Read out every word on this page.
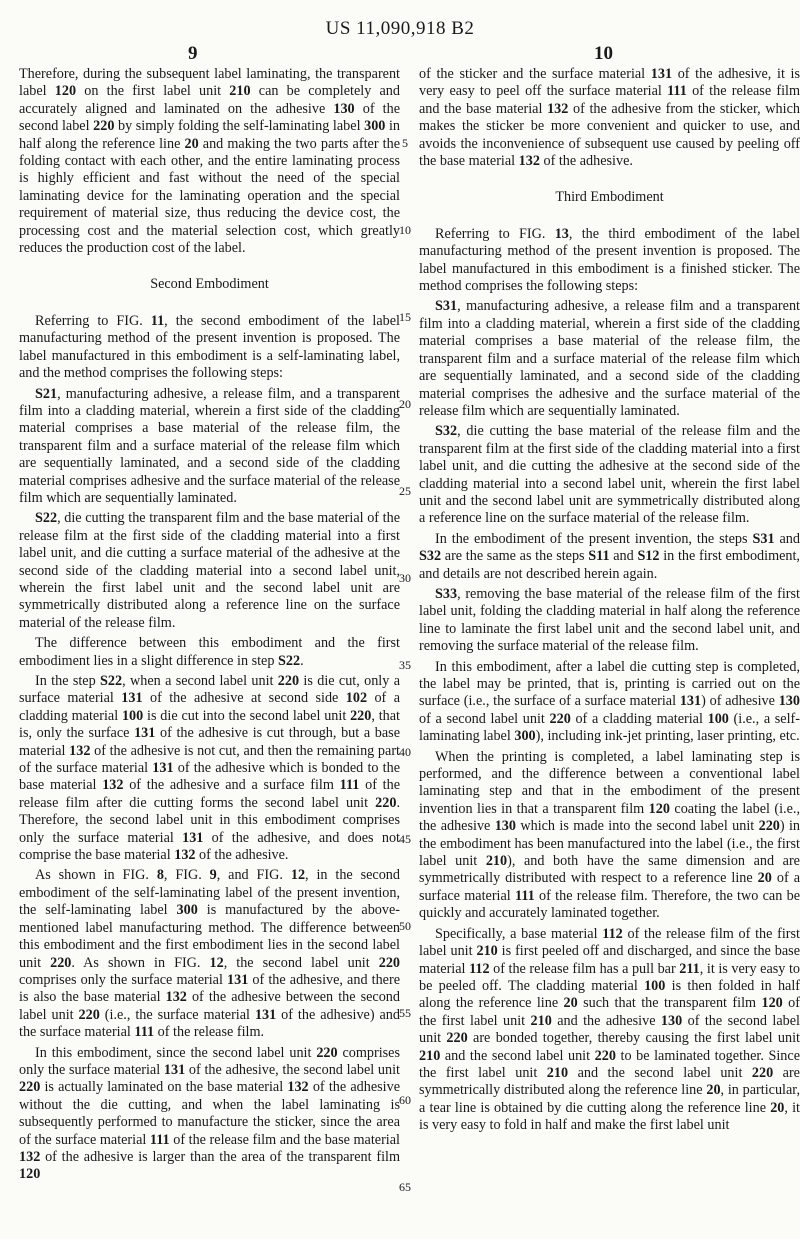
US 11,090,918 B2
9	10
5
10
15
20
25
30
35
40
45
50
55
60
65

Therefore, during the subsequent label laminating, the transparent label 120 on the first label unit 210 can be completely and accurately aligned and laminated on the adhesive 130 of the second label 220 by simply folding the self-laminating label 300 in half along the reference line 20 and making the two parts after the folding contact with each other, and the entire laminating process is highly efficient and fast without the need of the special laminating device for the laminating operation and the special requirement of material size, thus reducing the device cost, the processing cost and the material selection cost, which greatly reduces the production cost of the label.

Second Embodiment

Referring to FIG. 11, the second embodiment of the label manufacturing method of the present invention is proposed. The label manufactured in this embodiment is a self-laminating label, and the method comprises the following steps:

S21, manufacturing adhesive, a release film, and a transparent film into a cladding material, wherein a first side of the cladding material comprises a base material of the release film, the transparent film and a surface material of the release film which are sequentially laminated, and a second side of the cladding material comprises adhesive and the surface material of the release film which are sequentially laminated.

S22, die cutting the transparent film and the base material of the release film at the first side of the cladding material into a first label unit, and die cutting a surface material of the adhesive at the second side of the cladding material into a second label unit, wherein the first label unit and the second label unit are symmetrically distributed along a reference line on the surface material of the release film.

The difference between this embodiment and the first embodiment lies in a slight difference in step S22.

In the step S22, when a second label unit 220 is die cut, only a surface material 131 of the adhesive at second side 102 of a cladding material 100 is die cut into the second label unit 220, that is, only the surface 131 of the adhesive is cut through, but a base material 132 of the adhesive is not cut, and then the remaining part of the surface material 131 of the adhesive which is bonded to the base material 132 of the adhesive and a surface film 111 of the release film after die cutting forms the second label unit 220. Therefore, the second label unit in this embodiment comprises only the surface material 131 of the adhesive, and does not comprise the base material 132 of the adhesive.

As shown in FIG. 8, FIG. 9, and FIG. 12, in the second embodiment of the self-laminating label of the present invention, the self-laminating label 300 is manufactured by the above-mentioned label manufacturing method. The difference between this embodiment and the first embodiment lies in the second label unit 220. As shown in FIG. 12, the second label unit 220 comprises only the surface material 131 of the adhesive, and there is also the base material 132 of the adhesive between the second label unit 220 (i.e., the surface material 131 of the adhesive) and the surface material 111 of the release film.

In this embodiment, since the second label unit 220 comprises only the surface material 131 of the adhesive, the second label unit 220 is actually laminated on the base material 132 of the adhesive without the die cutting, and when the label laminating is subsequently performed to manufacture the sticker, since the area of the surface material 111 of the release film and the base material 132 of the adhesive is larger than the area of the transparent film 120

of the sticker and the surface material 131 of the adhesive, it is very easy to peel off the surface material 111 of the release film and the base material 132 of the adhesive from the sticker, which makes the sticker be more convenient and quicker to use, and avoids the inconvenience of subsequent use caused by peeling off the base material 132 of the adhesive.

Third Embodiment

Referring to FIG. 13, the third embodiment of the label manufacturing method of the present invention is proposed. The label manufactured in this embodiment is a finished sticker. The method comprises the following steps:

S31, manufacturing adhesive, a release film and a transparent film into a cladding material, wherein a first side of the cladding material comprises a base material of the release film, the transparent film and a surface material of the release film which are sequentially laminated, and a second side of the cladding material comprises the adhesive and the surface material of the release film which are sequentially laminated.

S32, die cutting the base material of the release film and the transparent film at the first side of the cladding material into a first label unit, and die cutting the adhesive at the second side of the cladding material into a second label unit, wherein the first label unit and the second label unit are symmetrically distributed along a reference line on the surface material of the release film.

In the embodiment of the present invention, the steps S31 and S32 are the same as the steps S11 and S12 in the first embodiment, and details are not described herein again.

S33, removing the base material of the release film of the first label unit, folding the cladding material in half along the reference line to laminate the first label unit and the second label unit, and removing the surface material of the release film.

In this embodiment, after a label die cutting step is completed, the label may be printed, that is, printing is carried out on the surface (i.e., the surface of a surface material 131) of adhesive 130 of a second label unit 220 of a cladding material 100 (i.e., a self-laminating label 300), including ink-jet printing, laser printing, etc.

When the printing is completed, a label laminating step is performed, and the difference between a conventional label laminating step and that in the embodiment of the present invention lies in that a transparent film 120 coating the label (i.e., the adhesive 130 which is made into the second label unit 220) in the embodiment has been manufactured into the label (i.e., the first label unit 210), and both have the same dimension and are symmetrically distributed with respect to a reference line 20 of a surface material 111 of the release film. Therefore, the two can be quickly and accurately laminated together.

Specifically, a base material 112 of the release film of the first label unit 210 is first peeled off and discharged, and since the base material 112 of the release film has a pull bar 211, it is very easy to be peeled off. The cladding material 100 is then folded in half along the reference line 20 such that the transparent film 120 of the first label unit 210 and the adhesive 130 of the second label unit 220 are bonded together, thereby causing the first label unit 210 and the second label unit 220 to be laminated together. Since the first label unit 210 and the second label unit 220 are symmetrically distributed along the reference line 20, in particular, a tear line is obtained by die cutting along the reference line 20, it is very easy to fold in half and make the first label unit
